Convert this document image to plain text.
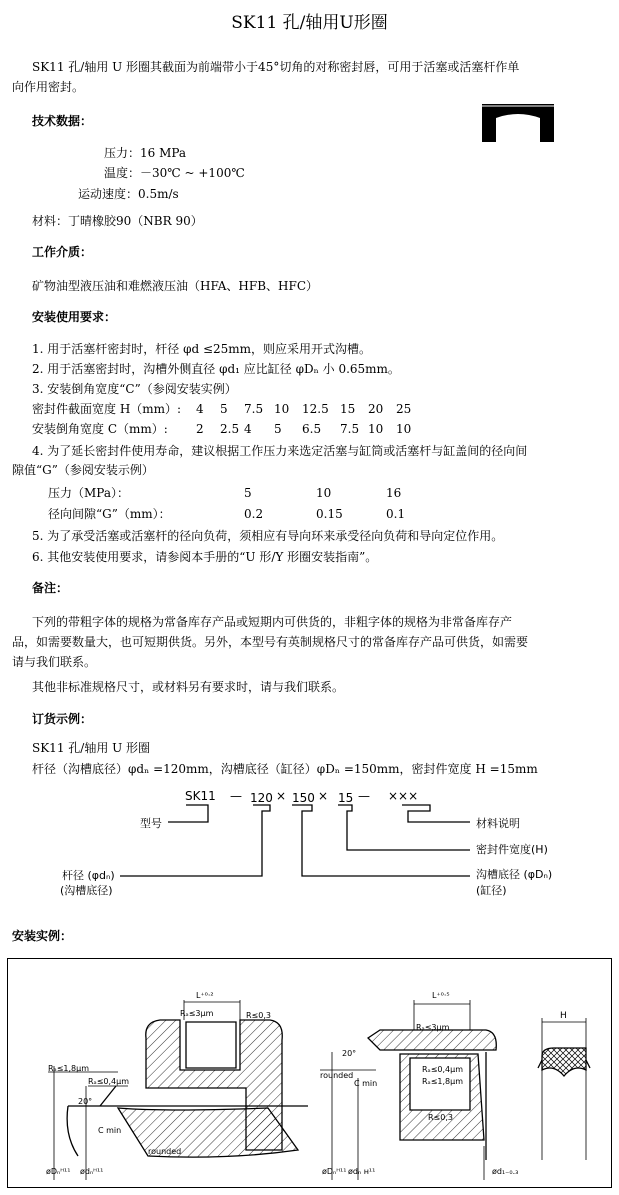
SK11 孔/轴用U形圈
SK11 孔/轴用 U 形圈其截面为前端带小于45°切角的对称密封唇，可用于活塞或活塞杆作单
向作用密封。
技术数据：
压力：16 MPa
温度：－30℃ ~ +100℃
运动速度：0.5m/s
材料：丁晴橡胶90（NBR 90）
工作介质：
矿物油型液压油和难燃液压油（HFA、HFB、HFC）
安装使用要求：
1. 用于活塞杆密封时，杆径 φd ≤25mm，则应采用开式沟槽。
2. 用于活塞密封时，沟槽外侧直径 φd₁ 应比缸径 φDₙ 小 0.65mm。
3. 安装倒角宽度“C”（参阅安装实例）
密封件截面宽度 H（mm）: 4 5 7.5 10 12.5 15 20 25
安装倒角宽度 C（mm）: 2 2.5 4 5 6.5 7.5 10 10
4. 为了延长密封件使用寿命，建议根据工作压力来选定活塞与缸筒或活塞杆与缸盖间的径向间
隙值“G”（参阅安装示例）
压力（MPa）：	5	10	16
径向间隙“G”（mm）：	0.2	0.15	0.1
5. 为了承受活塞或活塞杆的径向负荷，须相应有导向环来承受径向负荷和导向定位作用。
6. 其他安装使用要求，请参阅本手册的“U 形/Y 形圈安装指南”。
备注：
下列的带粗字体的规格为常备库存产品或短期内可供货的，非粗字体的规格为非常备库存产
品，如需要数量大，也可短期供货。另外，本型号有英制规格尺寸的常备库存产品可供货，如需要
请与我们联系。
其他非标准规格尺寸，或材料另有要求时，请与我们联系。
订货示例：
SK11 孔/轴用 U 形圈
杆径（沟槽底径）φdₙ =120mm，沟槽底径（缸径）φDₙ =150mm，密封件宽度 H =15mm
SK11 — 120 × 150 × 15 — ×××
型号
杆径 (φdₙ)
(沟槽底径)
材料说明
密封件宽度(H)
沟槽底径 (φDₙ)
(缸径)
安装实例：
L⁺⁰·²
Rₐ≤3μm	R≤0,3
Rₐ≤1,8μm
Rₐ≤0,4μm
20°
C min
rounded
øDₙᴴ¹¹ ødₙᴴ¹¹
L⁺⁰·⁵
Rₐ≤3μm
20°
rounded
C min
Rₐ≤0,4μm
Rₐ≤1,8μm
R≤0,3
øDₙᴴ¹¹ ødₙ ʜ¹¹	ød₁₋₀.₃
H
